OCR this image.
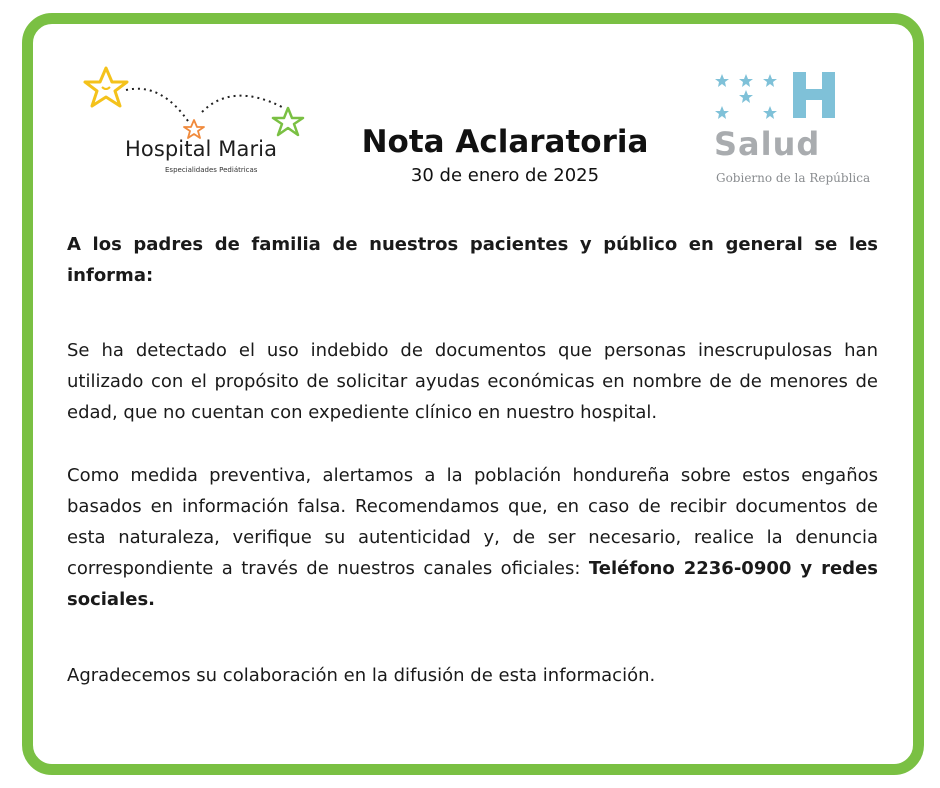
Hospital Maria
Especialidades Pediátricas
Nota Aclaratoria
30 de enero de 2025
Salud
Gobierno de la República
A los padres de familia de nuestros pacientes y público en general se les informa:
Se ha detectado el uso indebido de documentos que personas inescrupulosas han utilizado con el propósito de solicitar ayudas económicas en nombre de de menores de edad, que no cuentan con expediente clínico en nuestro hospital.
Como medida preventiva, alertamos a la población hondureña sobre estos engaños basados en información falsa. Recomendamos que, en caso de recibir documentos de esta naturaleza, verifique su autenticidad y, de ser necesario, realice la denuncia correspondiente a través de nuestros canales oficiales: Teléfono 2236-0900 y redes sociales.
Agradecemos su colaboración en la difusión de esta información.
